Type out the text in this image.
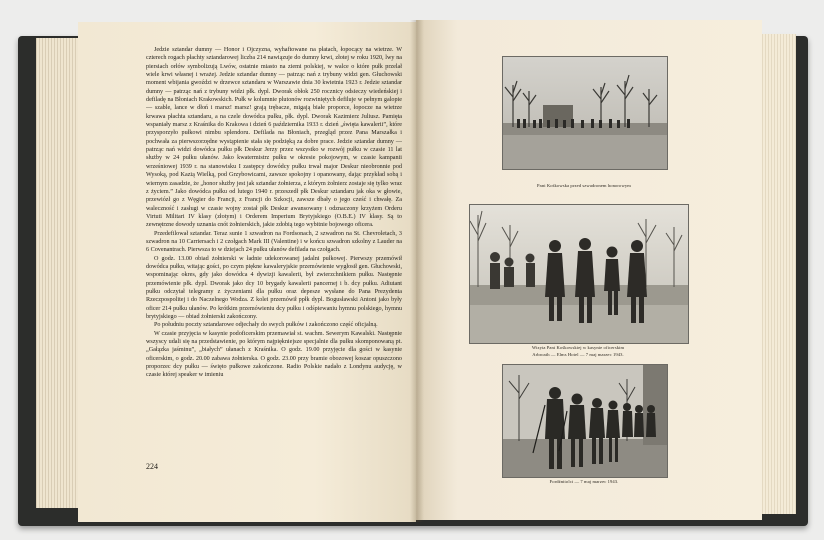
Jedzie sztandar dumny — Honor i Ojczyzna, wyhaftowane na płatach, łopocący na wietrze. W czterech rogach płachty sztandarowej liczba 214 nawiązuje do dumny krwi, złotej w roku 1920, lwy na piersiach orłów symbolizują Lwów, ostatnie miasto na ziemi polskiej, w walce o które pułk przelał wiele krwi własnej i wrażej. Jedzie sztandar dumny — patrząc nań z trybuny widzi gen. Głuchowski moment wbijania gwoździ w drzewce sztandaru w Warszawie dnia 30 kwietnia 1923 r. Jedzie sztandar dumny — patrząc nań z trybuny widzi płk. dypl. Dworak obłok 250 rocznicy odsieczy wiedeńskiej i defiladę na Błoniach Krakowskich. Pułk w kolumnie plutonów rozwiniętych defiluje w pełnym galopie — szable, lance w dłoń i marsz! marsz! grają trębacze, migają białe proporce, łopocze na wietrze krwawa płachta sztandaru, a na czele dowódca pułku, płk. dypl. Dworak Kazimierz Juliusz. Pamięta wspaniały marsz z Kraśnika do Krakowa i dzień 6 października 1933 r. dzień „święta kawalerii”, które przysporzyło pułkowi nimbu splendoru. Defilada na Błoniach, przegląd przez Pana Marszałka i pochwała za pierwszorzędne wystąpienie stała się podzięką za dobre prace. Jedzie sztandar dumny — patrząc nań widzi dowódca pułku płk Deskur Jerzy przez wszystko w rozwój pułku w czasie 11 lat służby w 24 pułku ułanów. Jako kwatermistrz pułku w okresie pokojowym, w czasie kampanii wrześniowej 1939 r. na stanowisku I zastępcy dowódcy pułku trwał major Deskur nieobronnie pod Wysoką, pod Kazią Wielką, pod Grzybowicami, zawsze spokojny i opanowany, dając przykład sobą i wiernym zasadzie, że „honor służby jest jak sztandar żołnierza, z którym żołnierz zostaje się tylko wraz z życiem.” Jako dowódca pułku od lutego 1940 r. przeszedł płk Deskur sztandaru jak oka w głowie, przewiózł go z Węgier do Francji, z Francji do Szkocji, zawsze dbały o jego cześć i chwałę. Za waleczność i zasługi w czasie wojny został płk Deskur awansowany i odznaczony krzyżem Orderu Virtuti Militari IV klasy (złotym) i Orderem Imperium Brytyjskiego (O.B.E.) IV klasy. Są to zewnętrzne dowody uznania cnót żołnierskich, jakie zdobią tego wybitnie bojowego oficera.

Przedefilował sztandar. Teraz sunie 1 szwadron na Fordsonach, 2 szwadron na St. Chevroletach, 3 szwadron na 10 Carriersach i 2 czołgach Mark III (Valentine) i w końcu szwadron szkolny z Lauder na 6 Covenantrach. Pierwsza to w dziejach 24 pułku ułanów defilada na czołgach.

O godz. 13.00 obiad żołnierski w ładnie udekorowanej jadalni pułkowej. Pierwszy przemówił dowódca pułku, witając gości, po czym piękne kawaleryjskie przemówienie wygłosił gen. Głuchowski, wspominając okres, gdy jako dowódca 4 dywizji kawalerii, był zwierzchnikiem pułku. Następnie przemówienie płk. dypl. Dworak jako dcy 10 brygady kawalerii pancernej i b. dcy pułku. Adiutant pułku odczytał telegramy z życzeniami dla pułku oraz depesze wysłane do Pana Prezydenta Rzeczpospolitej i do Naczelnego Wodza. Z kolei przemówił ppłk dypl. Bogusławski Antoni jako były oficer 214 pułku ułanów. Po krótkim przemówieniu dcy pułku i odśpiewaniu hymnu polskiego, hymnu brytyjskiego — obiad żołnierski zakończony.

Po południu poczty sztandarowe odjechały do swych pułków i zakończono część oficjalną.

W czasie przyjęcia w kasynie podoficerskim przemawiał st. wachm. Sewerym Kawalski. Następnie wszyscy udali się na przedstawienie, po którym najpiękniejsze specjalnie dla pułku skomponowaną pt. „Gałązka jaśminu”, „białych” ułanach z Kraśnika. O godz. 19.00 przyjęcie dla gości w kasynie oficerskim, o godz. 20.00 zabawa żołnierska. O godz. 23.00 przy bramie obozowej koszar opuszczono proporzec dcy pułku — święto pułkowe zakończone. Radio Polskie nadało z Londynu audycję, w czasie której speaker w imieniu

224
Pani Kośkowska przed szwadronem honorowym
Wizyta Pani Kośkowskiej w kasynie oficerskim
Arbroath — Elms Hotel — 7 maj marzec 1943.
Fordźnitolci — 7 maj marzec 1943.
